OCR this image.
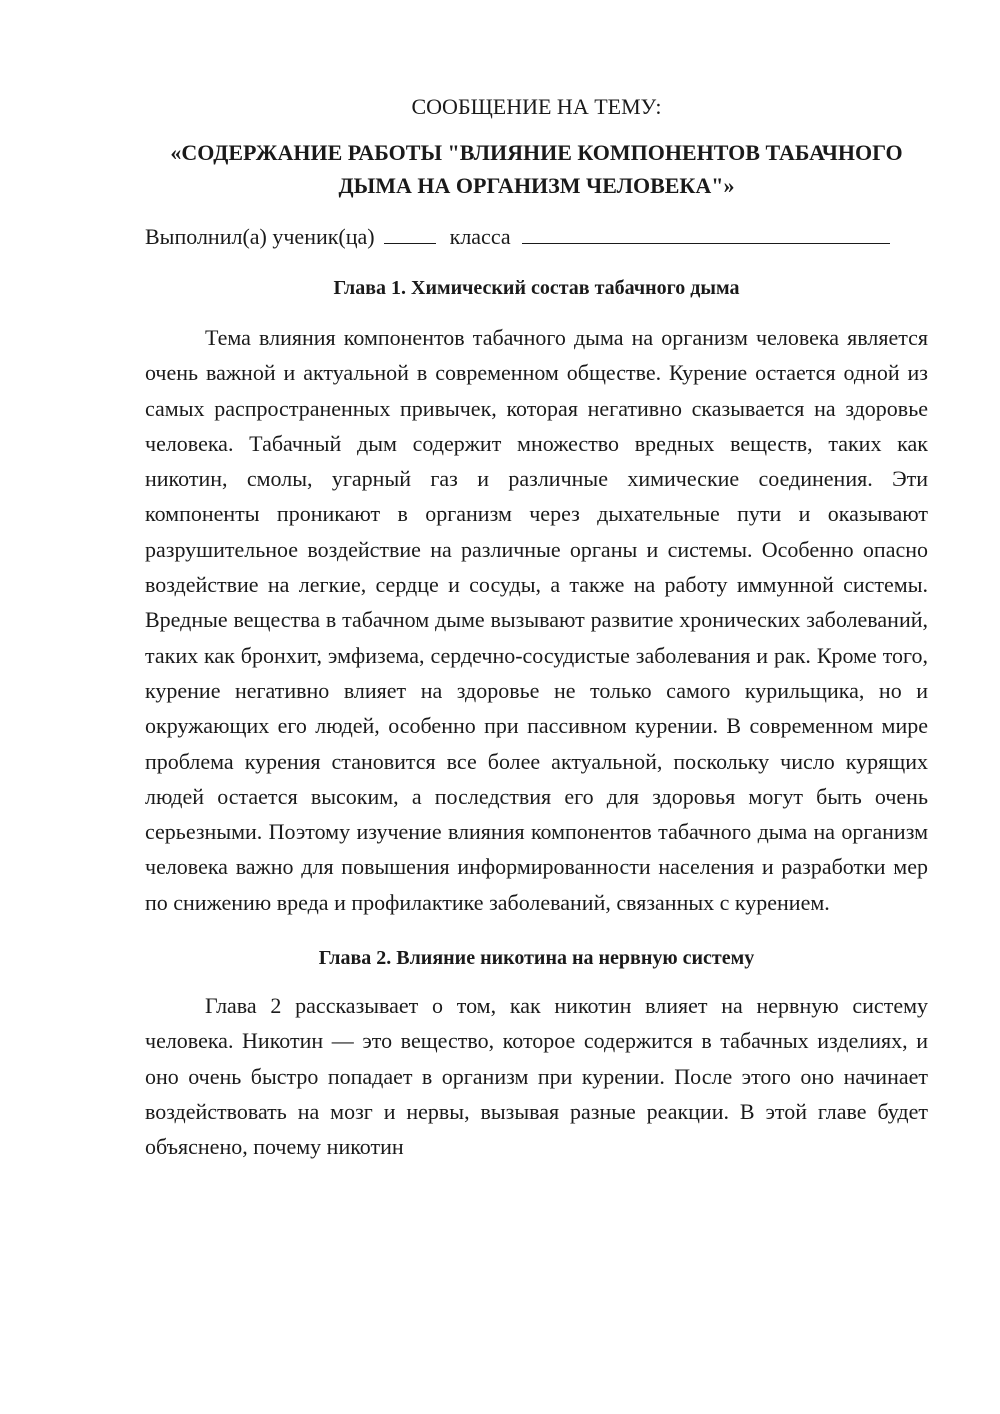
СООБЩЕНИЕ НА ТЕМУ:
«СОДЕРЖАНИЕ РАБОТЫ "ВЛИЯНИЕ КОМПОНЕНТОВ ТАБАЧНОГО ДЫМА НА ОРГАНИЗМ ЧЕЛОВЕКА"»
Выполнил(а) ученик(ца)	класса
Глава 1. Химический состав табачного дыма

Тема влияния компонентов табачного дыма на организм человека является очень важной и актуальной в современном обществе. Курение остается одной из самых распространенных привычек, которая негативно сказывается на здоровье человека. Табачный дым содержит множество вредных веществ, таких как никотин, смолы, угарный газ и различные химические соединения. Эти компоненты проникают в организм через дыхательные пути и оказывают разрушительное воздействие на различные органы и системы. Особенно опасно воздействие на легкие, сердце и сосуды, а также на работу иммунной системы. Вредные вещества в табачном дыме вызывают развитие хронических заболеваний, таких как бронхит, эмфизема, сердечно-сосудистые заболевания и рак. Кроме того, курение негативно влияет на здоровье не только самого курильщика, но и окружающих его людей, особенно при пассивном курении. В современном мире проблема курения становится все более актуальной, поскольку число курящих людей остается высоким, а последствия его для здоровья могут быть очень серьезными. Поэтому изучение влияния компонентов табачного дыма на организм человека важно для повышения информированности населения и разработки мер по снижению вреда и профилактике заболеваний, связанных с курением.

Глава 2. Влияние никотина на нервную систему

Глава 2 рассказывает о том, как никотин влияет на нервную систему человека. Никотин — это вещество, которое содержится в табачных изделиях, и оно очень быстро попадает в организм при курении. После этого оно начинает воздействовать на мозг и нервы, вызывая разные реакции. В этой главе будет объяснено, почему никотин
